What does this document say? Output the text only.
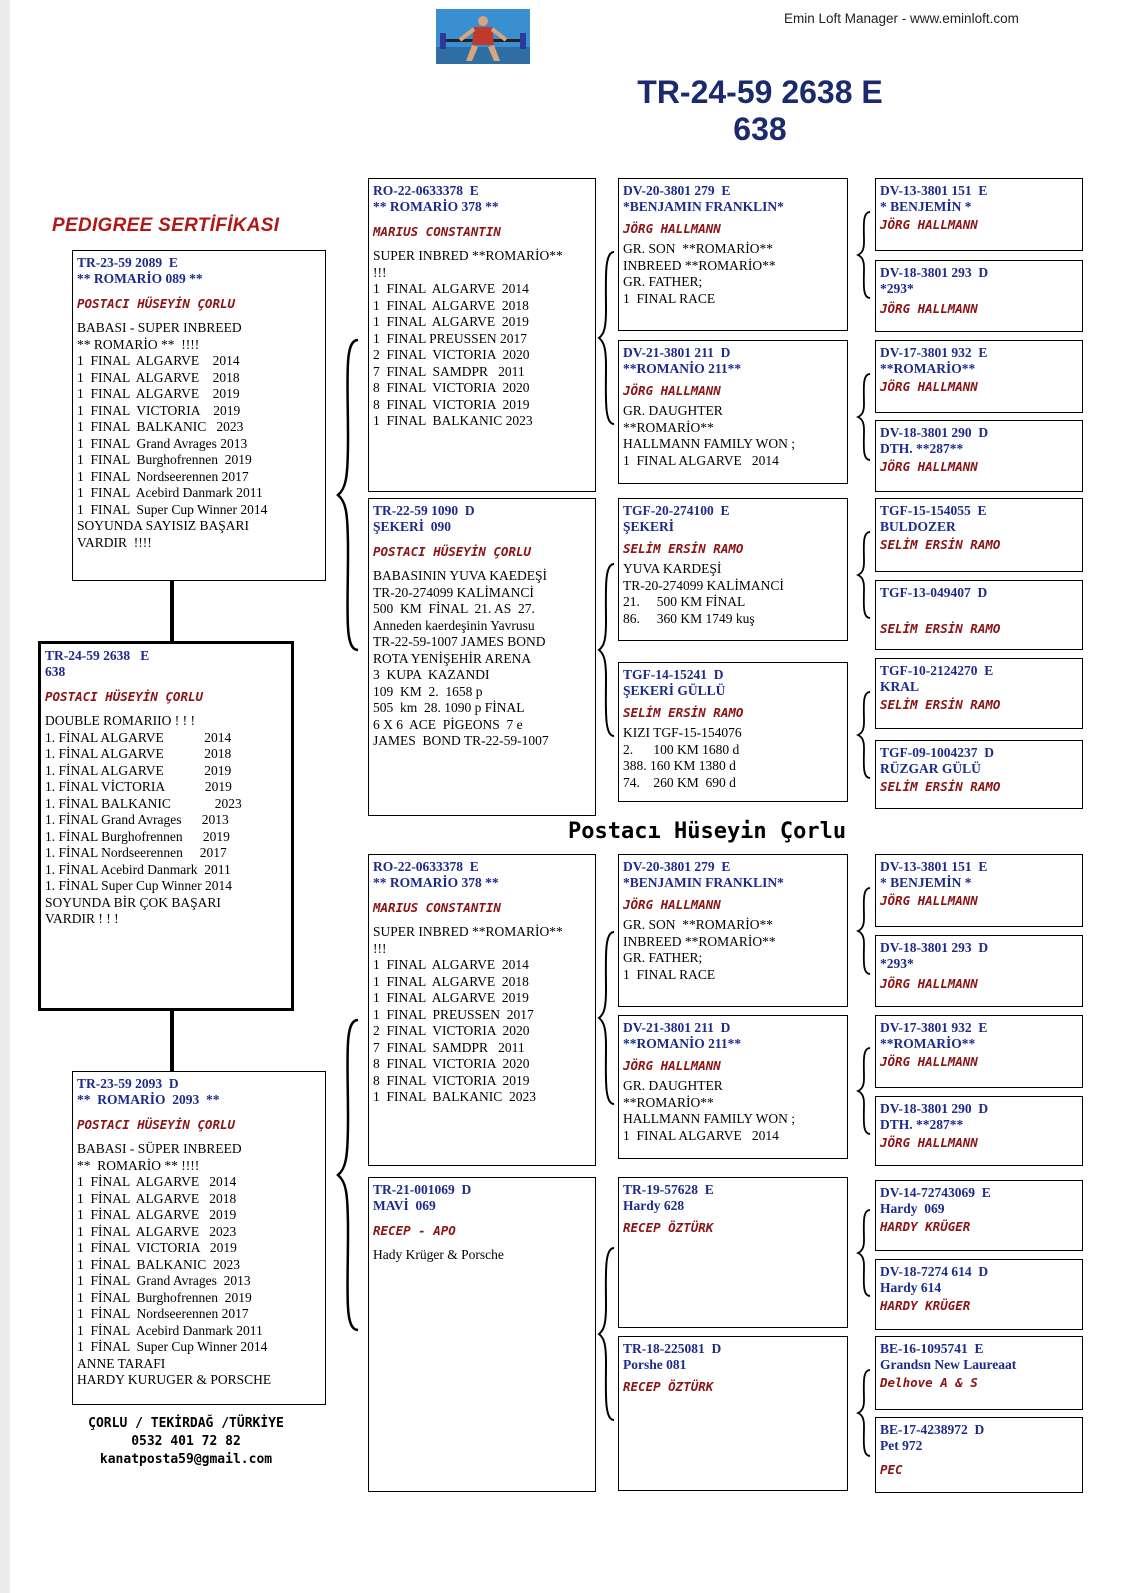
Emin Loft Manager - www.eminloft.com
TR-24-59 2638 E
638
PEDIGREE SERTİFİKASI
Postacı Hüseyin Çorlu
TR-23-59 2089  E
** ROMARİO 089 **
POSTACI HÜSEYİN ÇORLU
BABASI - SUPER INBREED
** ROMARİO **  !!!!
1  FINAL  ALGARVE    2014
1  FINAL  ALGARVE    2018
1  FINAL  ALGARVE    2019
1  FINAL  VICTORIA    2019
1  FINAL  BALKANIC   2023
1  FINAL  Grand Avrages 2013
1  FINAL  Burghofrennen  2019
1  FINAL  Nordseerennen 2017
1  FINAL  Acebird Danmark 2011
1  FINAL  Super Cup Winner 2014
SOYUNDA SAYISIZ BAŞARI
VARDIR  !!!!
TR-24-59 2638   E
638
POSTACI HÜSEYİN ÇORLU
DOUBLE ROMARIIO ! ! !
1. FİNAL ALGARVE            2014
1. FİNAL ALGARVE            2018
1. FİNAL ALGARVE            2019
1. FİNAL VİCTORIA            2019
1. FİNAL BALKANIC             2023
1. FİNAL Grand Avrages      2013
1. FİNAL Burghofrennen      2019
1. FİNAL Nordseerennen     2017
1. FİNAL Acebird Danmark  2011
1. FİNAL Super Cup Winner 2014
SOYUNDA BİR ÇOK BAŞARI
VARDIR ! ! !
TR-23-59 2093  D
**  ROMARİO  2093  **
POSTACI HÜSEYİN ÇORLU
BABASI - SÜPER INBREED
**  ROMARİO ** !!!!
1  FİNAL  ALGARVE   2014
1  FİNAL  ALGARVE   2018
1  FİNAL  ALGARVE   2019
1  FİNAL  ALGARVE   2023
1  FİNAL  VICTORIA   2019
1  FİNAL  BALKANIC  2023
1  FİNAL  Grand Avrages  2013
1  FİNAL  Burghofrennen  2019
1  FİNAL  Nordseerennen 2017
1  FİNAL  Acebird Danmark 2011
1  FİNAL  Super Cup Winner 2014
ANNE TARAFI
HARDY KURUGER & PORSCHE
ÇORLU / TEKİRDAĞ /TÜRKİYE
0532 401 72 82
kanatposta59@gmail.com
RO-22-0633378  E
** ROMARİO 378 **
MARIUS CONSTANTIN
SUPER INBRED **ROMARİO**
!!!
1  FINAL  ALGARVE  2014
1  FINAL  ALGARVE  2018
1  FINAL  ALGARVE  2019
1  FINAL PREUSSEN 2017
2  FINAL  VICTORIA  2020
7  FINAL  SAMDPR   2011
8  FINAL  VICTORIA  2020
8  FINAL  VICTORIA  2019
1  FINAL  BALKANIC 2023
TR-22-59 1090  D
ŞEKERİ  090
POSTACI HÜSEYİN ÇORLU
BABASININ YUVA KAEDEŞİ
TR-20-274099 KALİMANCİ
500  KM  FİNAL  21. AS  27.
Anneden kaerdeşinin Yavrusu
TR-22-59-1007 JAMES BOND
ROTA YENİŞEHİR ARENA
3  KUPA  KAZANDI
109  KM  2.  1658 p
505  km  28. 1090 p FİNAL
6 X 6  ACE  PİGEONS  7 e
JAMES  BOND TR-22-59-1007
RO-22-0633378  E
** ROMARİO 378 **
MARIUS CONSTANTIN
SUPER INBRED **ROMARİO**
!!!
1  FINAL  ALGARVE  2014
1  FINAL  ALGARVE  2018
1  FINAL  ALGARVE  2019
1  FINAL  PREUSSEN  2017
2  FINAL  VICTORIA  2020
7  FINAL  SAMDPR   2011
8  FINAL  VICTORIA  2020
8  FINAL  VICTORIA  2019
1  FINAL  BALKANIC  2023
TR-21-001069  D
MAVİ  069
RECEP - APO
Hady Krüger & Porsche
DV-20-3801 279  E
*BENJAMIN FRANKLIN*
JÖRG HALLMANN
GR. SON  **ROMARİO**
INBREED **ROMARİO**
GR. FATHER;
1  FINAL RACE
DV-21-3801 211  D
**ROMANİO 211**
JÖRG HALLMANN
GR. DAUGHTER
**ROMARİO**
HALLMANN FAMILY WON ;
1  FINAL ALGARVE   2014
TGF-20-274100  E
ŞEKERİ
SELİM ERSİN RAMO
YUVA KARDEŞİ
TR-20-274099 KALİMANCİ
21.     500 KM FİNAL
86.     360 KM 1749 kuş
TGF-14-15241  D
ŞEKERİ GÜLLÜ
SELİM ERSİN RAMO
KIZI TGF-15-154076
2.      100 KM 1680 d
388. 160 KM 1380 d
74.    260 KM  690 d
DV-20-3801 279  E
*BENJAMIN FRANKLIN*
JÖRG HALLMANN
GR. SON  **ROMARİO**
INBREED **ROMARİO**
GR. FATHER;
1  FINAL RACE
DV-21-3801 211  D
**ROMANİO 211**
JÖRG HALLMANN
GR. DAUGHTER
**ROMARİO**
HALLMANN FAMILY WON ;
1  FINAL ALGARVE   2014
TR-19-57628  E
Hardy 628
RECEP ÖZTÜRK
TR-18-225081  D
Porshe 081
RECEP ÖZTÜRK
DV-13-3801 151  E
* BENJEMİN *
JÖRG HALLMANN
DV-18-3801 293  D
*293*
JÖRG HALLMANN
DV-17-3801 932  E
**ROMARİO**
JÖRG HALLMANN
DV-18-3801 290  D
DTH. **287**
JÖRG HALLMANN
TGF-15-154055  E
BULDOZER
SELİM ERSİN RAMO
TGF-13-049407  D
SELİM ERSİN RAMO
TGF-10-2124270  E
KRAL
SELİM ERSİN RAMO
TGF-09-1004237  D
RÜZGAR GÜLÜ
SELİM ERSİN RAMO
DV-13-3801 151  E
* BENJEMİN *
JÖRG HALLMANN
DV-18-3801 293  D
*293*
JÖRG HALLMANN
DV-17-3801 932  E
**ROMARİO**
JÖRG HALLMANN
DV-18-3801 290  D
DTH. **287**
JÖRG HALLMANN
DV-14-72743069  E
Hardy  069
HARDY KRÜGER
DV-18-7274 614  D
Hardy 614
HARDY KRÜGER
BE-16-1095741  E
Grandsn New Laureaat
Delhove A & S
BE-17-4238972  D
Pet 972
PEC
